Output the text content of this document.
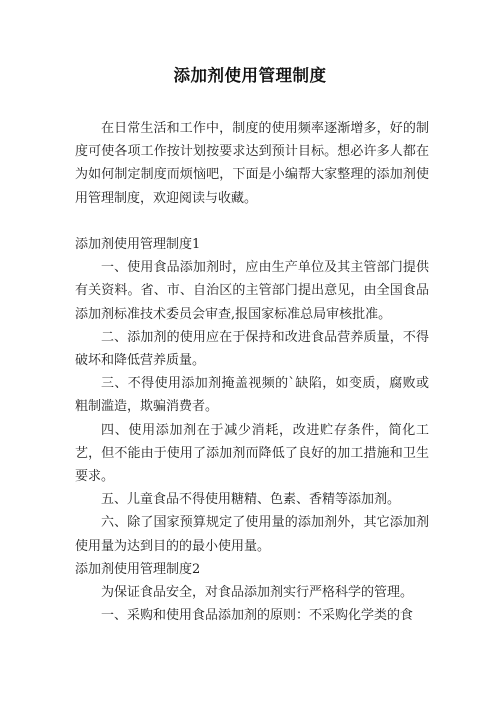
添加剂使用管理制度

在日常生活和工作中，制度的使用频率逐渐增多，好的制度可使各项工作按计划按要求达到预计目标。想必许多人都在为如何制定制度而烦恼吧，下面是小编帮大家整理的添加剂使用管理制度，欢迎阅读与收藏。

添加剂使用管理制度1

一、使用食品添加剂时，应由生产单位及其主管部门提供有关资料。省、市、自治区的主管部门提出意见，由全国食品添加剂标准技术委员会审查,报国家标准总局审核批准。

二、添加剂的使用应在于保持和改进食品营养质量，不得破坏和降低营养质量。

三、不得使用添加剂掩盖视频的`缺陷，如变质，腐败或粗制滥造，欺骗消费者。

四、使用添加剂在于减少消耗，改进贮存条件，简化工艺，但不能由于使用了添加剂而降低了良好的加工措施和卫生要求。

五、儿童食品不得使用糖精、色素、香精等添加剂。

六、除了国家预算规定了使用量的添加剂外，其它添加剂使用量为达到目的的最小使用量。

添加剂使用管理制度2

为保证食品安全，对食品添加剂实行严格科学的管理。

一、采购和使用食品添加剂的原则：不采购化学类的食
